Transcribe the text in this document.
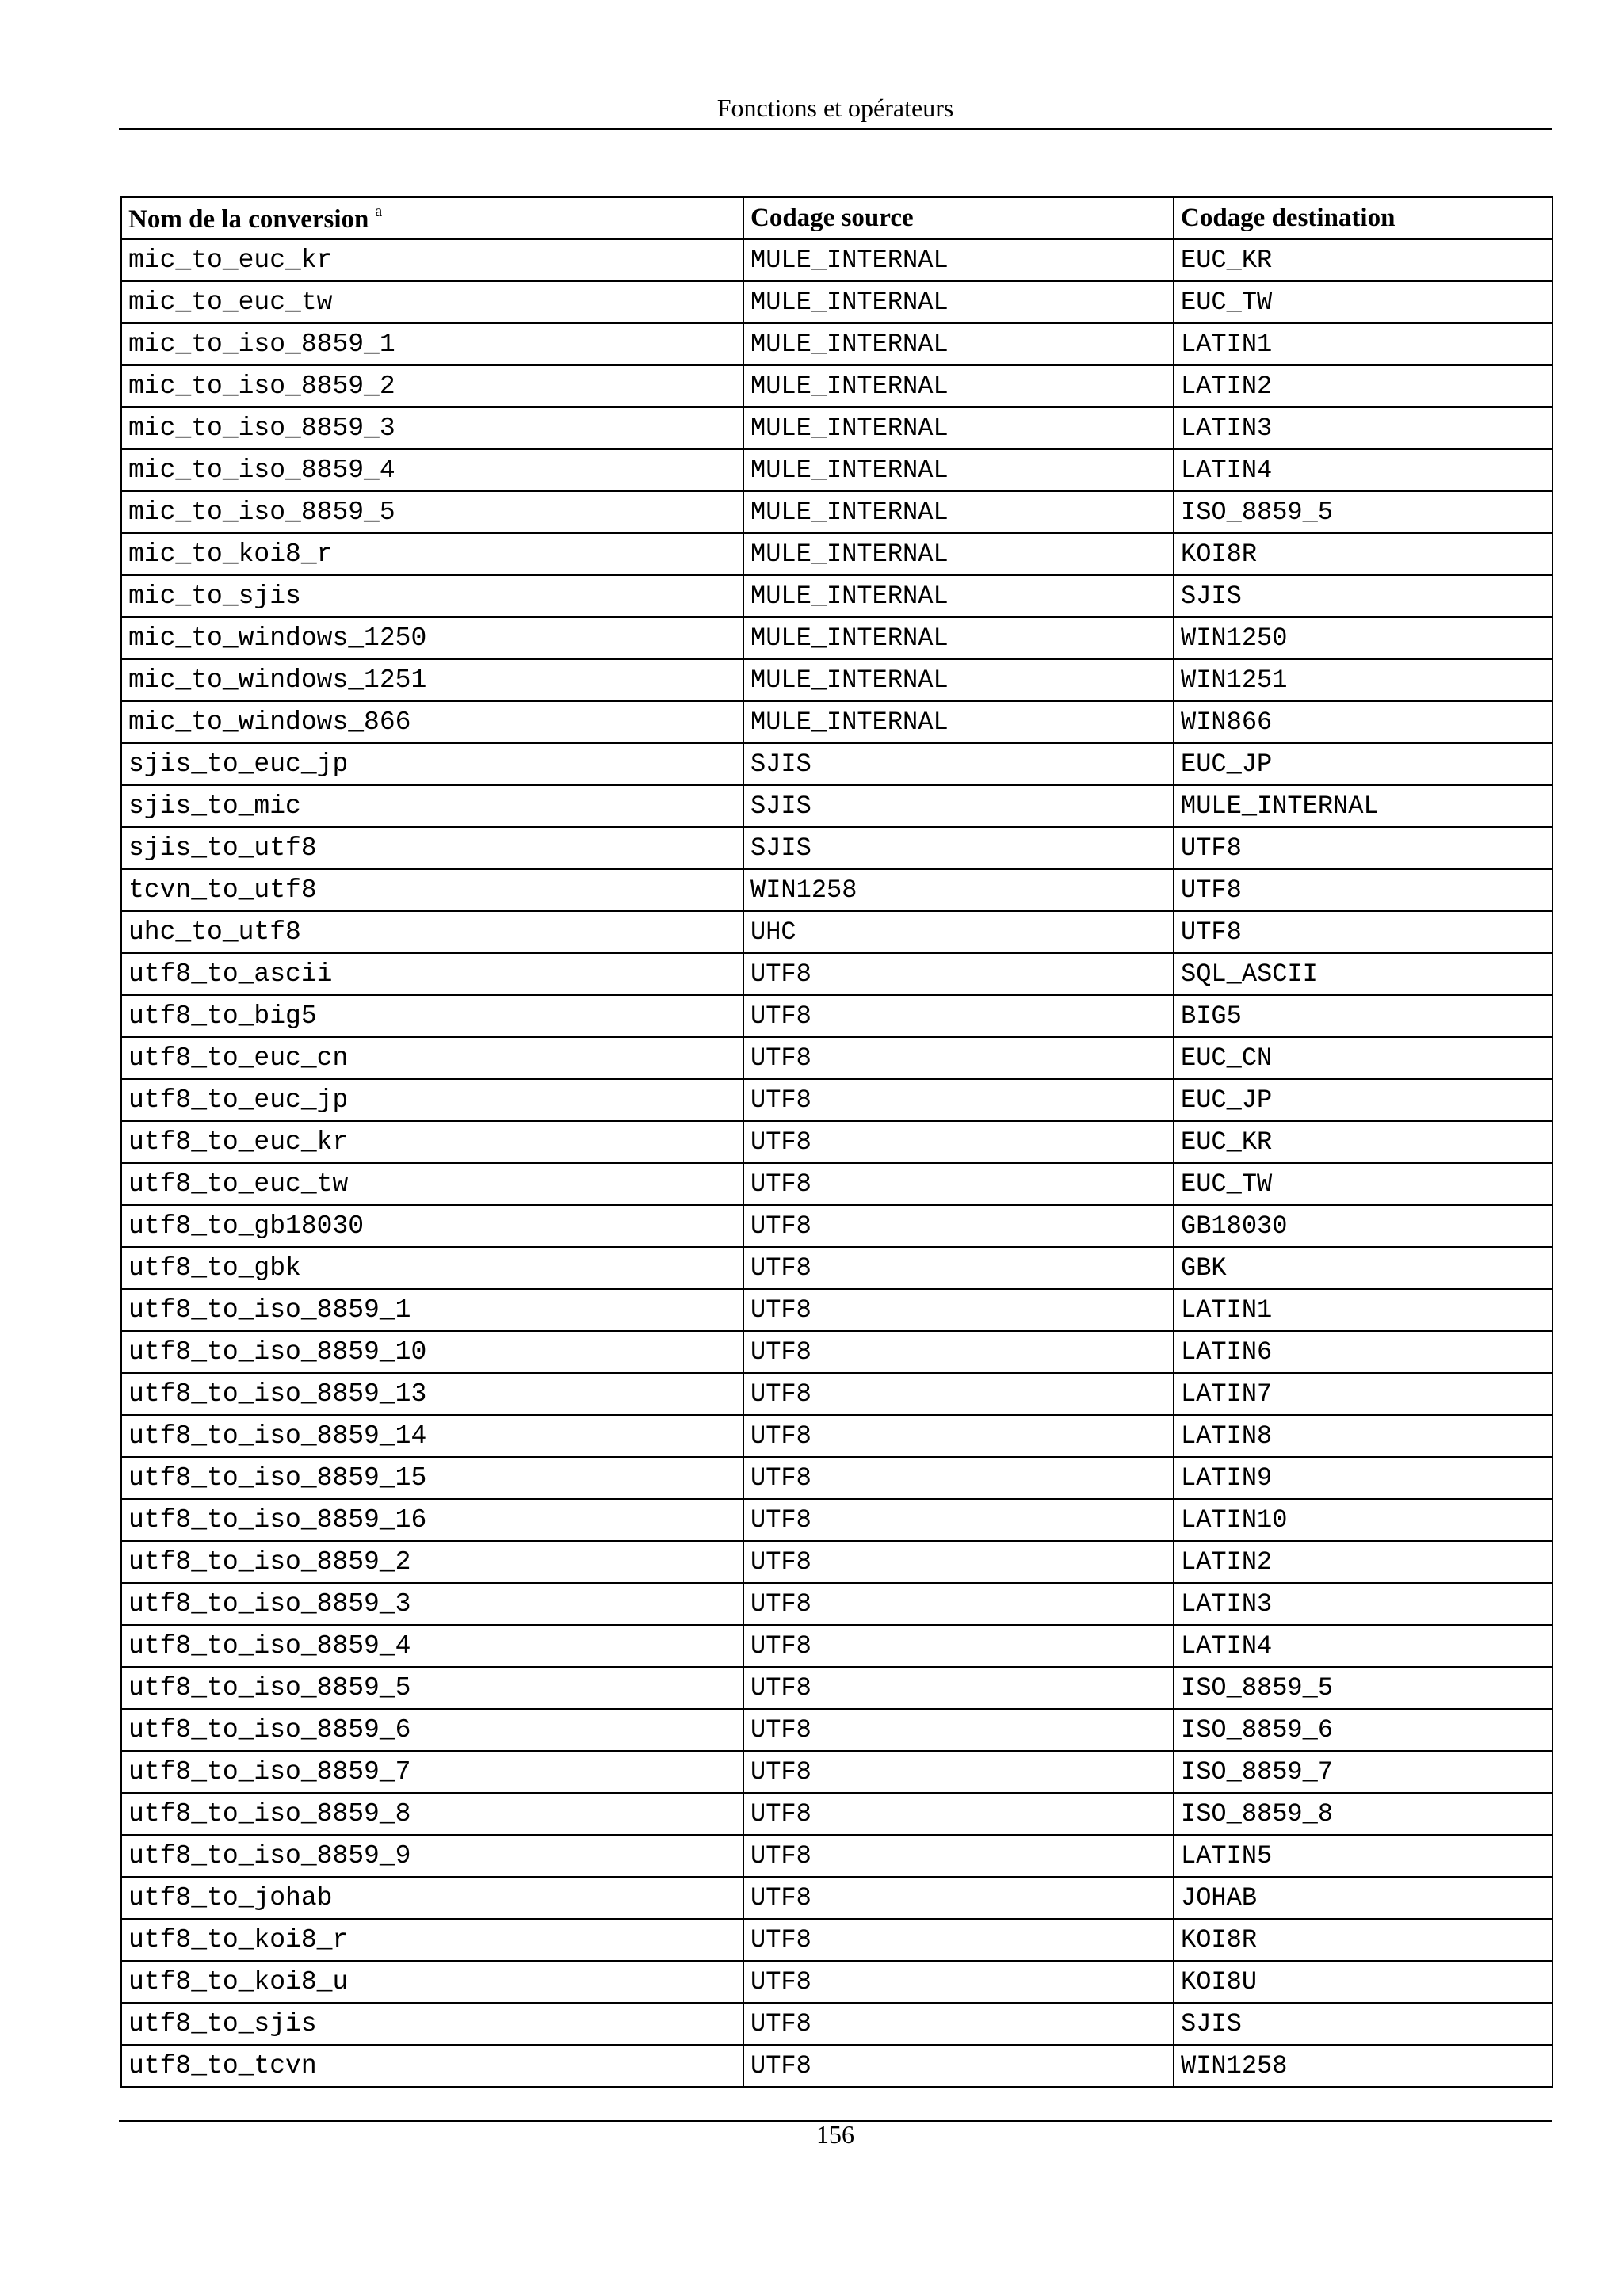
Fonctions et opérateurs
Nom de la conversion $^a$	Codage source	Codage destination
mic_to_euc_kr	MULE_INTERNAL	EUC_KR
mic_to_euc_tw	MULE_INTERNAL	EUC_TW
mic_to_iso_8859_1	MULE_INTERNAL	LATIN1
mic_to_iso_8859_2	MULE_INTERNAL	LATIN2
mic_to_iso_8859_3	MULE_INTERNAL	LATIN3
mic_to_iso_8859_4	MULE_INTERNAL	LATIN4
mic_to_iso_8859_5	MULE_INTERNAL	ISO_8859_5
mic_to_koi8_r	MULE_INTERNAL	KOI8R
mic_to_sjis	MULE_INTERNAL	SJIS
mic_to_windows_1250	MULE_INTERNAL	WIN1250
mic_to_windows_1251	MULE_INTERNAL	WIN1251
mic_to_windows_866	MULE_INTERNAL	WIN866
sjis_to_euc_jp	SJIS	EUC_JP
sjis_to_mic	SJIS	MULE_INTERNAL
sjis_to_utf8	SJIS	UTF8
tcvn_to_utf8	WIN1258	UTF8
uhc_to_utf8	UHC	UTF8
utf8_to_ascii	UTF8	SQL_ASCII
utf8_to_big5	UTF8	BIG5
utf8_to_euc_cn	UTF8	EUC_CN
utf8_to_euc_jp	UTF8	EUC_JP
utf8_to_euc_kr	UTF8	EUC_KR
utf8_to_euc_tw	UTF8	EUC_TW
utf8_to_gb18030	UTF8	GB18030
utf8_to_gbk	UTF8	GBK
utf8_to_iso_8859_1	UTF8	LATIN1
utf8_to_iso_8859_10	UTF8	LATIN6
utf8_to_iso_8859_13	UTF8	LATIN7
utf8_to_iso_8859_14	UTF8	LATIN8
utf8_to_iso_8859_15	UTF8	LATIN9
utf8_to_iso_8859_16	UTF8	LATIN10
utf8_to_iso_8859_2	UTF8	LATIN2
utf8_to_iso_8859_3	UTF8	LATIN3
utf8_to_iso_8859_4	UTF8	LATIN4
utf8_to_iso_8859_5	UTF8	ISO_8859_5
utf8_to_iso_8859_6	UTF8	ISO_8859_6
utf8_to_iso_8859_7	UTF8	ISO_8859_7
utf8_to_iso_8859_8	UTF8	ISO_8859_8
utf8_to_iso_8859_9	UTF8	LATIN5
utf8_to_johab	UTF8	JOHAB
utf8_to_koi8_r	UTF8	KOI8R
utf8_to_koi8_u	UTF8	KOI8U
utf8_to_sjis	UTF8	SJIS
utf8_to_tcvn	UTF8	WIN1258
156
